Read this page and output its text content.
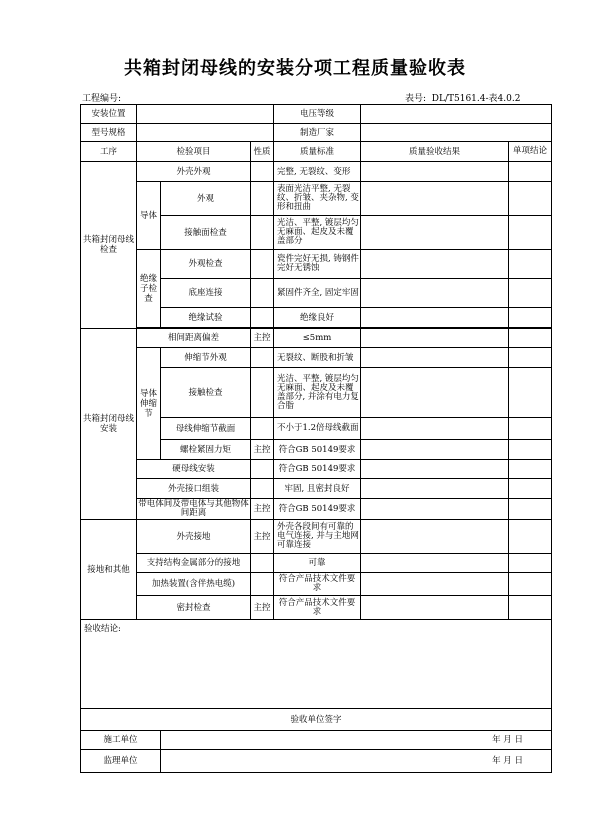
共箱封闭母线的安装分项工程质量验收表
工程编号:	表号: DL/T5161.4-表4.0.2
安装位置				电压等级		
型号规格				制造厂家		
工序	检验项目		性质	质量标准	质量验收结果	单项结论
共箱封闭母线检查	外壳外观			完整, 无裂纹、变形		
	导体	外观		表面光洁平整, 无裂纹、折皱、夹杂物, 变形和扭曲		
		接触面检查		光洁、平整, 镀层均匀无麻面、起皮及未覆盖部分		
	绝缘子检查	外观检查		瓷件完好无损, 铸钢件完好无锈蚀		
		底座连接		紧固件齐全, 固定牢固		
		绝缘试验		绝缘良好		

共箱封闭母线安装	相间距离偏差		主控	≤5mm		
	导体伸缩节	伸缩节外观		无裂纹、断股和折皱		
		接触检查		光洁、平整, 镀层均匀无麻面、起皮及未覆盖部分, 并涂有电力复合脂		
		母线伸缩节截面		不小于1.2倍母线截面		
		螺栓紧固力矩	主控	符合GB 50149要求		
	硬母线安装			符合GB 50149要求		
	外壳接口组装			牢固, 且密封良好		
	带电体间及带电体与其他物体间距离		主控	符合GB 50149要求		
接地和其他	外壳接地		主控	外壳各段间有可靠的电气连接, 并与主地网可靠连接		
	支持结构金属部分的接地			可靠		
	加热装置(含伴热电缆)			符合产品技术文件要求		
	密封检查		主控	符合产品技术文件要求		
验收结论:						
验收单位签字						
施工单位		年 月 日				
监理单位		年 月 日				
